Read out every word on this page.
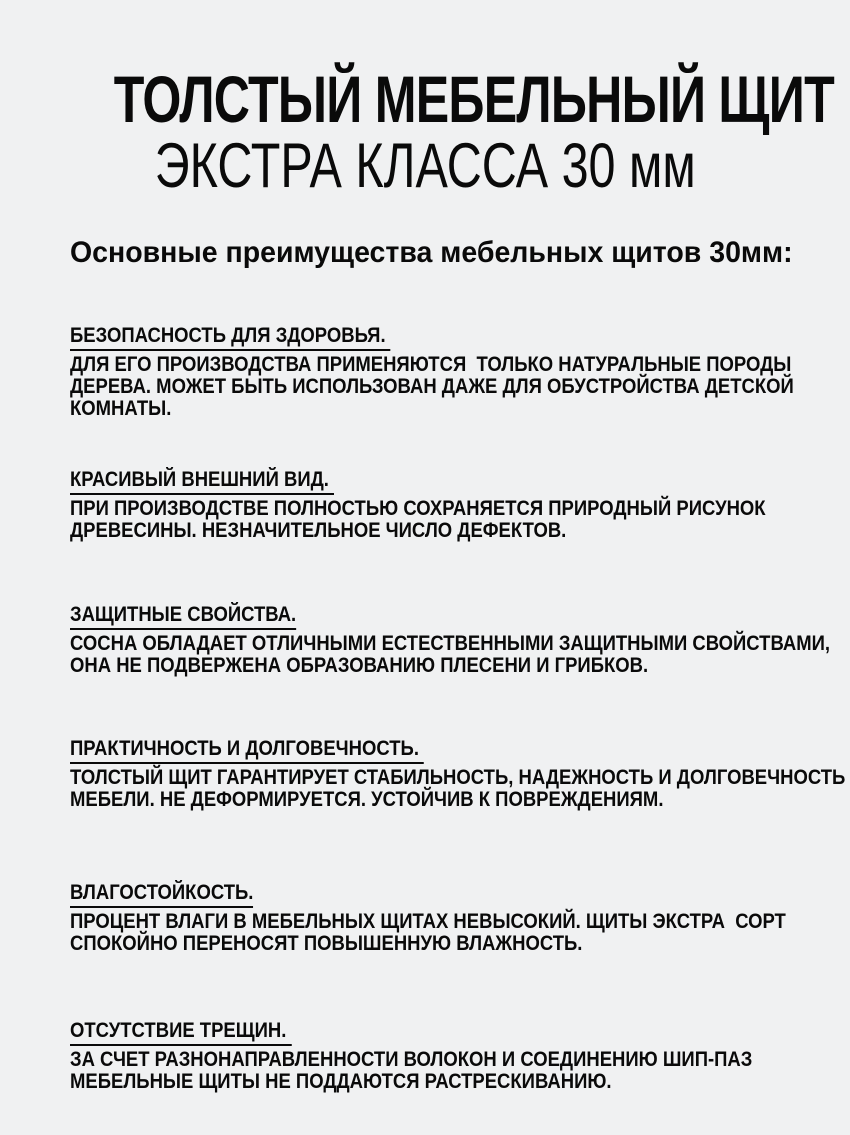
ТОЛСТЫЙ МЕБЕЛЬНЫЙ ЩИТ
ЭКСТРА КЛАССА 30 мм
Основные преимущества мебельных щитов 30мм:
БЕЗОПАСНОСТЬ ДЛЯ ЗДОРОВЬЯ.
ДЛЯ ЕГО ПРОИЗВОДСТВА ПРИМЕНЯЮТСЯ  ТОЛЬКО НАТУРАЛЬНЫЕ ПОРОДЫ
ДЕРЕВА. МОЖЕТ БЫТЬ ИСПОЛЬЗОВАН ДАЖЕ ДЛЯ ОБУСТРОЙСТВА ДЕТСКОЙ
КОМНАТЫ.
КРАСИВЫЙ ВНЕШНИЙ ВИД.
ПРИ ПРОИЗВОДСТВЕ ПОЛНОСТЬЮ СОХРАНЯЕТСЯ ПРИРОДНЫЙ РИСУНОК
ДРЕВЕСИНЫ. НЕЗНАЧИТЕЛЬНОЕ ЧИСЛО ДЕФЕКТОВ.
ЗАЩИТНЫЕ СВОЙСТВА.
СОСНА ОБЛАДАЕТ ОТЛИЧНЫМИ ЕСТЕСТВЕННЫМИ ЗАЩИТНЫМИ СВОЙСТВАМИ,
ОНА НЕ ПОДВЕРЖЕНА ОБРАЗОВАНИЮ ПЛЕСЕНИ И ГРИБКОВ.
ПРАКТИЧНОСТЬ И ДОЛГОВЕЧНОСТЬ.
ТОЛСТЫЙ ЩИТ ГАРАНТИРУЕТ СТАБИЛЬНОСТЬ, НАДЕЖНОСТЬ И ДОЛГОВЕЧНОСТЬ
МЕБЕЛИ. НЕ ДЕФОРМИРУЕТСЯ. УСТОЙЧИВ К ПОВРЕЖДЕНИЯМ.
ВЛАГОСТОЙКОСТЬ.
ПРОЦЕНТ ВЛАГИ В МЕБЕЛЬНЫХ ЩИТАХ НЕВЫСОКИЙ. ЩИТЫ ЭКСТРА  СОРТ
СПОКОЙНО ПЕРЕНОСЯТ ПОВЫШЕННУЮ ВЛАЖНОСТЬ.
ОТСУТСТВИЕ ТРЕЩИН.
ЗА СЧЕТ РАЗНОНАПРАВЛЕННОСТИ ВОЛОКОН И СОЕДИНЕНИЮ ШИП-ПАЗ
МЕБЕЛЬНЫЕ ЩИТЫ НЕ ПОДДАЮТСЯ РАСТРЕСКИВАНИЮ.
